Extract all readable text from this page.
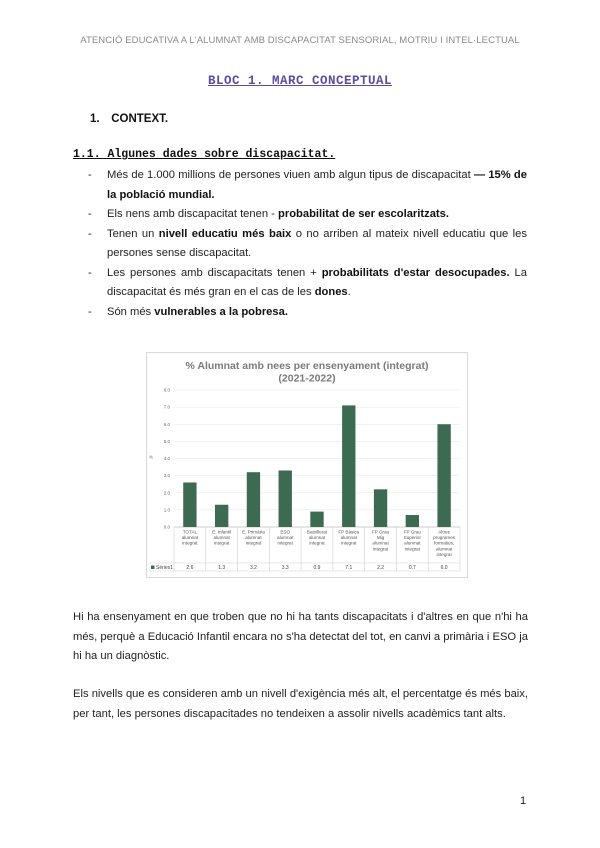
ATENCIÓ EDUCATIVA A L'ALUMNAT AMB DISCAPACITAT SENSORIAL, MOTRIU I INTEL·LECTUAL
BLOC 1. MARC CONCEPTUAL
1. CONTEXT.
1.1. Algunes dades sobre discapacitat.
- Més de 1.000 millions de persones viuen amb algun tipus de discapacitat — 15% de la població mundial.
- Els nens amb discapacitat tenen - probabilitat de ser escolaritzats.
- Tenen un nivell educatiu més baix o no arriben al mateix nivell educatiu que les persones sense discapacitat.
- Les persones amb discapacitats tenen + probabilitats d'estar desocupades. La discapacitat és més gran en el cas de les dones.
- Són més vulnerables a la pobresa.
% Alumnat amb nees per ensenyament (integrat)
(2021-2022)
0.0
1.0
2.0
3.0
4.0
5.0
6.0
7.0
8.0
%
Sèries1
TOTAL
alumnat
integrat
2.6
E. Infantil
alumnat
integrat
1.3
E. Primària
alumnat
integrat
3.2
ESO
alumnat
integrat
3.3
Batxillerat
alumnat
integrat
0.9
FP Bàsica
alumnat
integrat
7.1
FP Grau
Mig
alumnat
integrat
2.2
FP Grau
Superior
alumnat
integrat
0.7
Altres
programes
formatius,
alumnat
integrat
6.0

Hi ha ensenyament en que troben que no hi ha tants discapacitats i d'altres en que n'hi ha més, perquè a Educació Infantil encara no s'ha detectat del tot, en canvi a primària i ESO ja hi ha un diagnòstic.

Els nivells que es consideren amb un nivell d'exigència més alt, el percentatge és més baix, per tant, les persones discapacitades no tendeixen a assolir nivells acadèmics tant alts.

1
